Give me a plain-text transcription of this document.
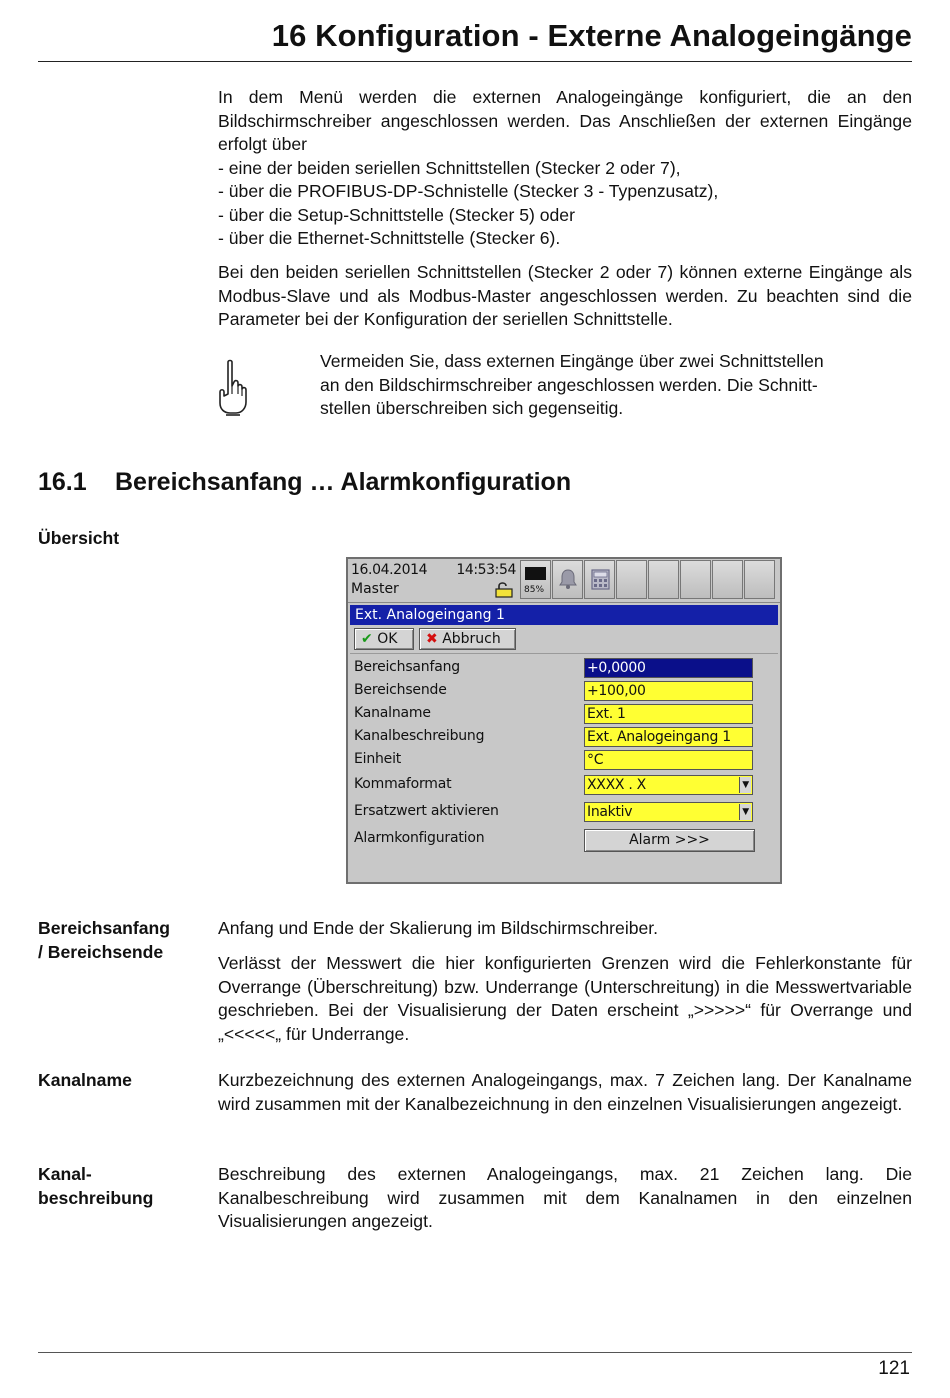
16 Konfiguration - Externe Analogeingänge

In dem Menü werden die externen Analogeingänge konfiguriert, die an den Bildschirmschreiber angeschlossen werden. Das Anschließen der externen Eingänge erfolgt über

- eine der beiden seriellen Schnittstellen (Stecker 2 oder 7),

- über die PROFIBUS-DP-Schnistelle (Stecker 3 - Typenzusatz),

- über die Setup-Schnittstelle (Stecker 5) oder

- über die Ethernet-Schnittstelle (Stecker 6).

Bei den beiden seriellen Schnittstellen (Stecker 2 oder 7) können externe Eingänge als Modbus-Slave und als Modbus-Master angeschlossen werden. Zu beachten sind die Parameter bei der Konfiguration der seriellen Schnittstelle.
Vermeiden Sie, dass externen Eingänge über zwei Schnittstellen
an den Bildschirmschreiber angeschlossen werden. Die Schnitt-
stellen überschreiben sich gegenseitig.
16.1 Bereichsanfang … Alarmkonfiguration
Übersicht
16.04.2014 14:53:54
Master	85%
Ext. Analogeingang 1
✔ OK	✖ Abbruch
Bereichsanfang	+0,0000
Bereichsende	+100,00
Kanalname	Ext. 1
Kanalbeschreibung	Ext. Analogeingang 1
Einheit	°C
Kommaformat	XXXX . X	▼
Ersatzwert aktivieren	Inaktiv	▼
Alarmkonfiguration	Alarm >>>
Bereichsanfang
/ Bereichsende
Anfang und Ende der Skalierung im Bildschirmschreiber.
Verlässt der Messwert die hier konfigurierten Grenzen wird die Fehlerkonstante für Overrange (Überschreitung) bzw. Underrange (Unterschreitung) in die Messwertvariable geschrieben. Bei der Visualisierung der Daten erscheint „>>>>>“ für Overrange und „<<<<<„ für Underrange.
Kanalname	Kurzbezeichnung des externen Analogeingangs, max. 7 Zeichen lang. Der Kanalname wird zusammen mit der Kanalbezeichnung in den einzelnen Visualisierungen angezeigt.
Kanal-
beschreibung
Beschreibung des externen Analogeingangs, max. 21 Zeichen lang. Die Kanalbeschreibung wird zusammen mit dem Kanalnamen in den einzelnen Visualisierungen angezeigt.
121
